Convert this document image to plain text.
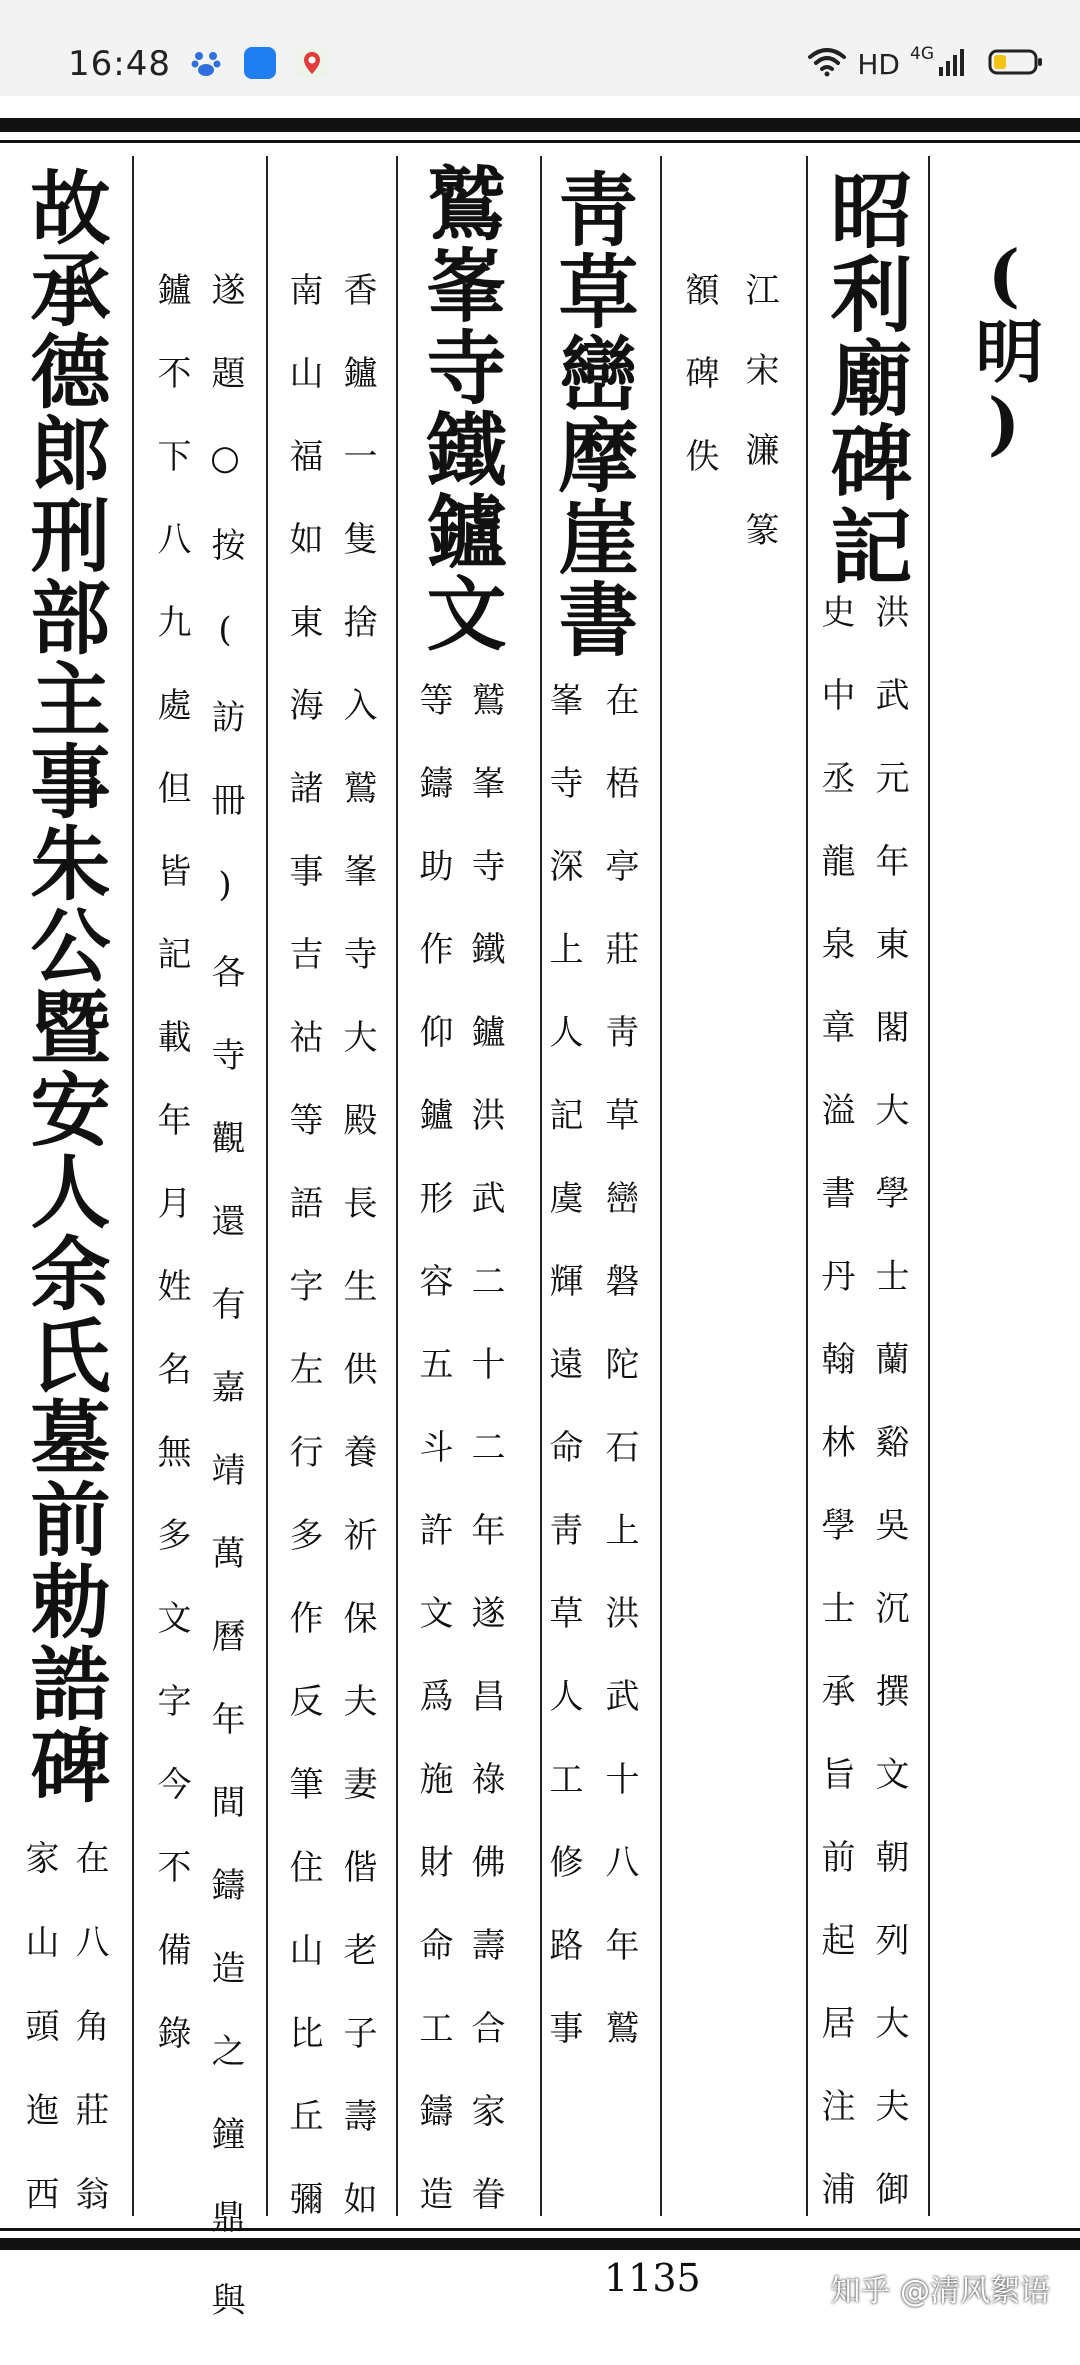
16:48	HD 4G
(明)
昭利廟碑記
洪武元年東閣大學士蘭谿吳沉撰文朝列大夫御
史中丞龍泉章溢書丹翰林學士承旨前起居注浦
江宋濂篆
額碑佚
靑草巒摩崖書
在梧亭莊靑草巒磐陀石上洪武十八年鷲
峯寺深上人記虞輝遠命靑草人工修路事
鷲峯寺鐵鑪文
鷲峯寺鐵鑪洪武二十二年遂昌祿佛壽合家眷
等鑄助作仰鑪形容五斗許文爲施財命工鑄造
香鑪一隻捨入鷲峯寺大殿長生供養祈保夫妻偕老子壽如
南山福如東海諸事吉祜等語字左行多作反筆住山比丘彌
遂題○按(訪冊)各寺觀還有嘉靖萬曆年間鑄造之鐘鼎與
鑪不下八九處但皆記載年月姓名無多文字今不備錄
故承德郎刑部主事朱公暨安人余氏墓前勅誥碑
在八角莊翁
家山頭迤西
1135	知乎 @清风絮语
